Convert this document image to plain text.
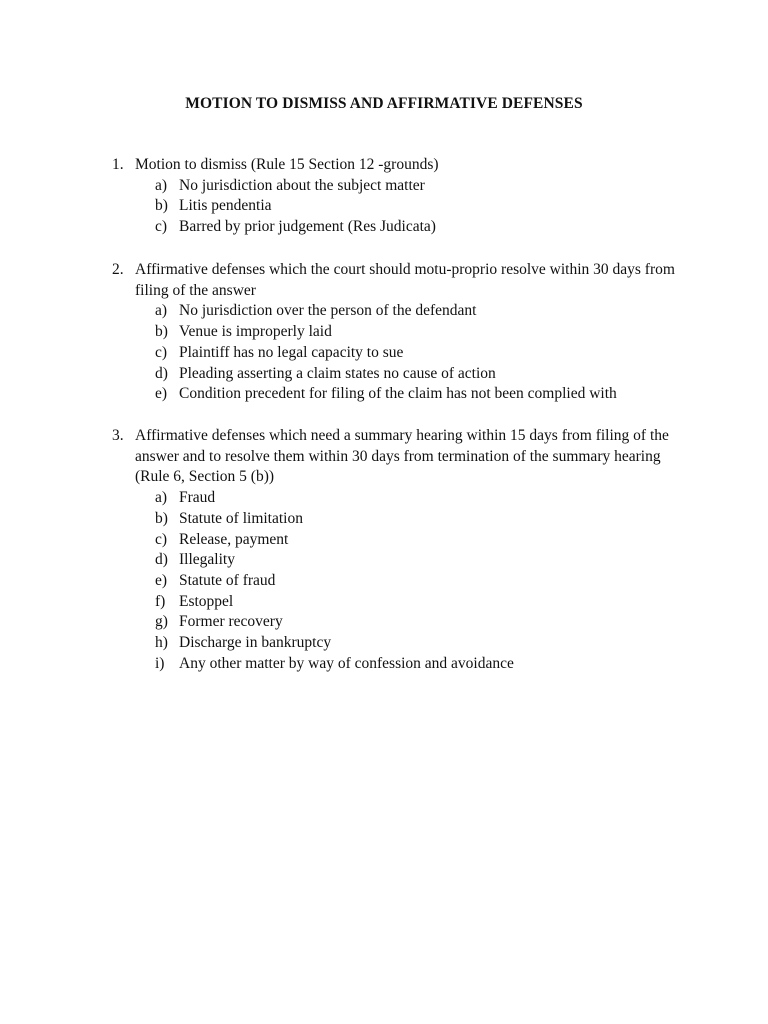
MOTION TO DISMISS AND AFFIRMATIVE DEFENSES
1. Motion to dismiss (Rule 15 Section 12 -grounds)
a) No jurisdiction about the subject matter
b) Litis pendentia
c) Barred by prior judgement (Res Judicata)
2. Affirmative defenses which the court should motu-proprio resolve within 30 days from filing of the answer
a) No jurisdiction over the person of the defendant
b) Venue is improperly laid
c) Plaintiff has no legal capacity to sue
d) Pleading asserting a claim states no cause of action
e) Condition precedent for filing of the claim has not been complied with
3. Affirmative defenses which need a summary hearing within 15 days from filing of the answer and to resolve them within 30 days from termination of the summary hearing (Rule 6, Section 5 (b))
a) Fraud
b) Statute of limitation
c) Release, payment
d) Illegality
e) Statute of fraud
f) Estoppel
g) Former recovery
h) Discharge in bankruptcy
i) Any other matter by way of confession and avoidance
